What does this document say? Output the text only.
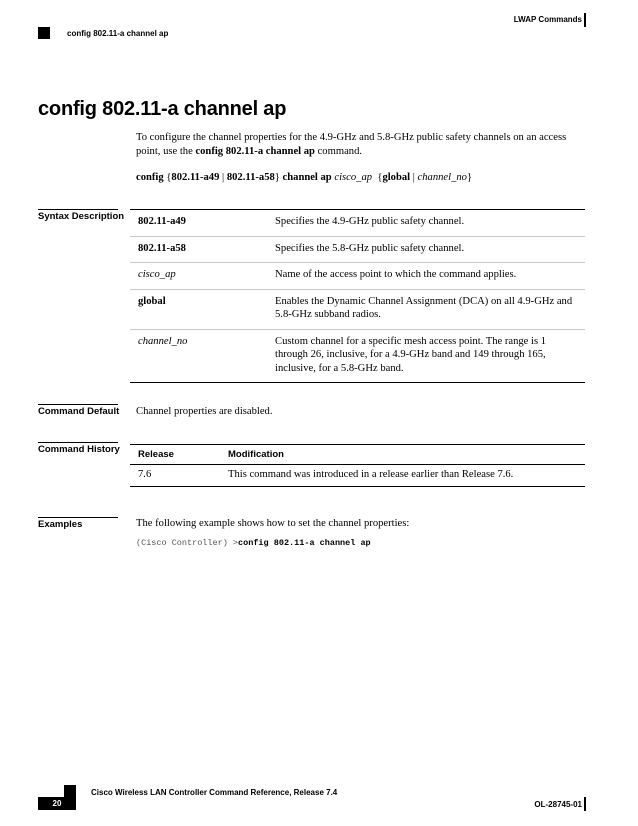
LWAP Commands
config 802.11-a channel ap
config 802.11-a channel ap

To configure the channel properties for the 4.9-GHz and 5.8-GHz public safety channels on an access point, use the config 802.11-a channel ap command.

config {802.11-a49 | 802.11-a58} channel ap cisco_ap {global | channel_no}

Syntax Description 802.11-a49	Specifies the 4.9-GHz public safety channel.
802.11-a58	Specifies the 5.8-GHz public safety channel.
cisco_ap	Name of the access point to which the command applies.
global	Enables the Dynamic Channel Assignment (DCA) on all 4.9-GHz and 5.8-GHz subband radios.
channel_no	Custom channel for a specific mesh access point. The range is 1 through 26, inclusive, for a 4.9-GHz band and 149 through 165, inclusive, for a 5.8-GHz band.
Command Default Channel properties are disabled.

Command History Release	Modification
7.6	This command was introduced in a release earlier than Release 7.6.
Examples	The following example shows how to set the channel properties:

(Cisco Controller) >config 802.11-a channel ap

Cisco Wireless LAN Controller Command Reference, Release 7.4
20	OL-28745-01
